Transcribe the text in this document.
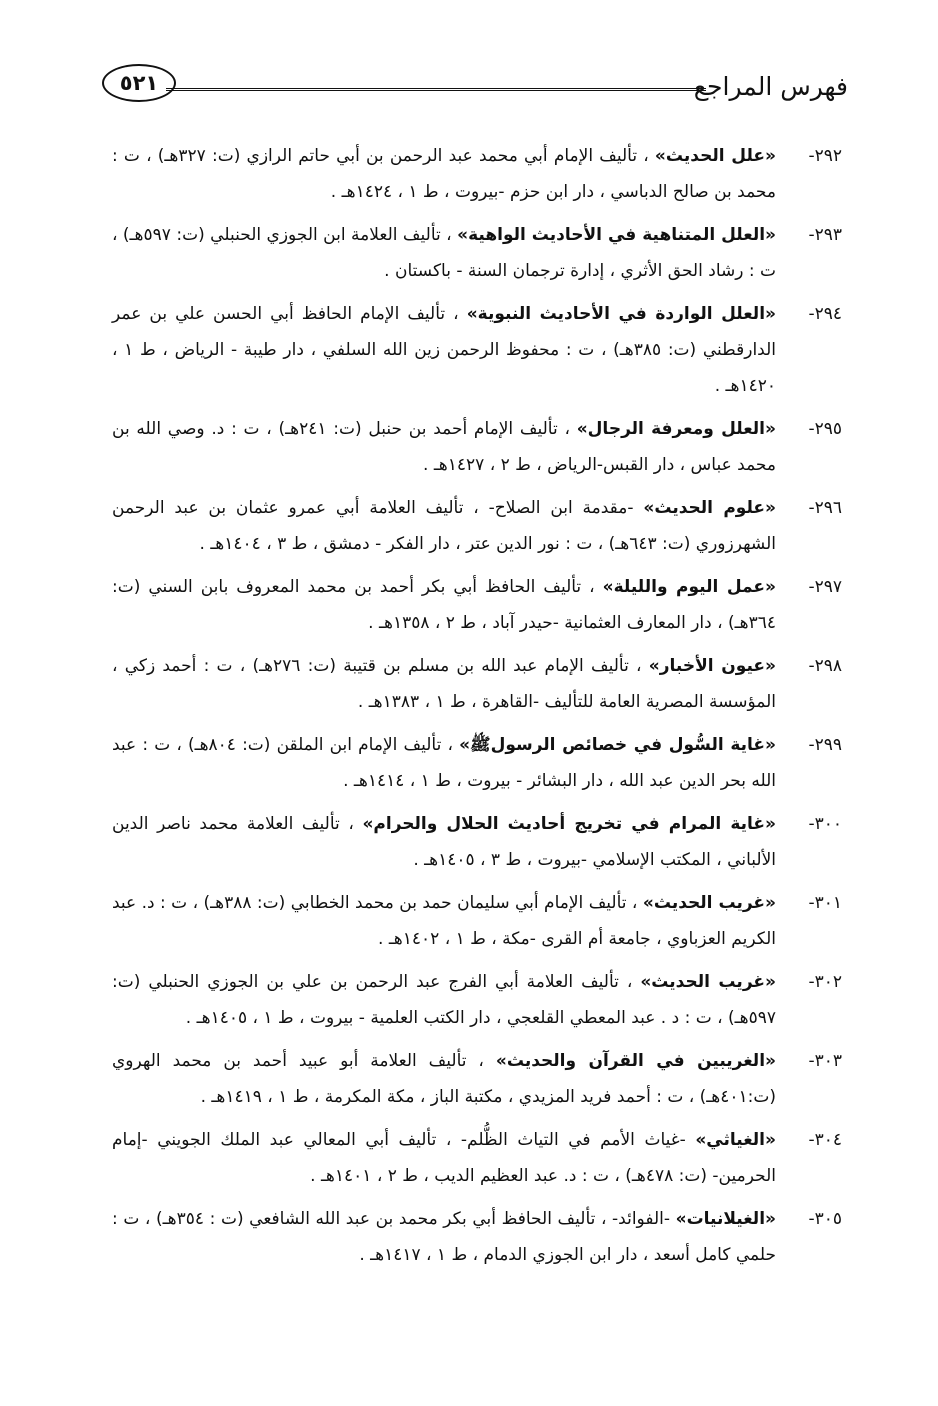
فهرس المراجع
٥٢١
٢٩٢-
«علل الحديث» ، تأليف الإمام أبي محمد عبد الرحمن بن أبي حاتم الرازي (ت: ٣٢٧هـ) ، ت : محمد بن صالح الدباسي ، دار ابن حزم -بيروت ، ط ١ ، ١٤٢٤هـ .
٢٩٣-
«العلل المتناهية في الأحاديث الواهية» ، تأليف العلامة ابن الجوزي الحنبلي (ت: ٥٩٧هـ) ، ت : رشاد الحق الأثري ، إدارة ترجمان السنة - باكستان .
٢٩٤-
«العلل الواردة في الأحاديث النبوية» ، تأليف الإمام الحافظ أبي الحسن علي بن عمر الدارقطني (ت: ٣٨٥هـ) ، ت : محفوظ الرحمن زين الله السلفي ، دار طيبة - الرياض ، ط ١ ، ١٤٢٠هـ .
٢٩٥-
«العلل ومعرفة الرجال» ، تأليف الإمام أحمد بن حنبل (ت: ٢٤١هـ) ، ت : د. وصي الله بن محمد عباس ، دار القبس-الرياض ، ط ٢ ، ١٤٢٧هـ .
٢٩٦-
«علوم الحديث» -مقدمة ابن الصلاح- ، تأليف العلامة أبي عمرو عثمان بن عبد الرحمن الشهرزوري (ت: ٦٤٣هـ) ، ت : نور الدين عتر ، دار الفكر - دمشق ، ط ٣ ، ١٤٠٤هـ .
٢٩٧-
«عمل اليوم والليلة» ، تأليف الحافظ أبي بكر أحمد بن محمد المعروف بابن السني (ت: ٣٦٤هـ) ، دار المعارف العثمانية -حيدر آباد ، ط ٢ ، ١٣٥٨هـ .
٢٩٨-
«عيون الأخبار» ، تأليف الإمام عبد الله بن مسلم بن قتيبة (ت: ٢٧٦هـ) ، ت : أحمد زكي ، المؤسسة المصرية العامة للتأليف -القاهرة ، ط ١ ، ١٣٨٣هـ .
٢٩٩-
«غاية السُّول في خصائص الرسولﷺ» ، تأليف الإمام ابن الملقن (ت: ٨٠٤هـ) ، ت : عبد الله بحر الدين عبد الله ، دار البشائر - بيروت ، ط ١ ، ١٤١٤هـ .
٣٠٠-
«غاية المرام في تخريج أحاديث الحلال والحرام» ، تأليف العلامة محمد ناصر الدين الألباني ، المكتب الإسلامي -بيروت ، ط ٣ ، ١٤٠٥هـ .
٣٠١-
«غريب الحديث» ، تأليف الإمام أبي سليمان حمد بن محمد الخطابي (ت: ٣٨٨هـ) ، ت : د. عبد الكريم العزباوي ، جامعة أم القرى -مكة ، ط ١ ، ١٤٠٢هـ .
٣٠٢-
«غريب الحديث» ، تأليف العلامة أبي الفرج عبد الرحمن بن علي بن الجوزي الحنبلي (ت: ٥٩٧هـ) ، ت : د . عبد المعطي القلعجي ، دار الكتب العلمية - بيروت ، ط ١ ، ١٤٠٥هـ .
٣٠٣-
«الغريبين في القرآن والحديث» ، تأليف العلامة أبو عبيد أحمد بن محمد الهروي (ت:٤٠١هـ) ، ت : أحمد فريد المزيدي ، مكتبة الباز ، مكة المكرمة ، ط ١ ، ١٤١٩هـ .
٣٠٤-
«الغياثي» -غياث الأمم في التياث الظُّلم- ، تأليف أبي المعالي عبد الملك الجويني -إمام الحرمين- (ت: ٤٧٨هـ) ، ت : د. عبد العظيم الديب ، ط ٢ ، ١٤٠١هـ .
٣٠٥-
«الغيلانيات» -الفوائد- ، تأليف الحافظ أبي بكر محمد بن عبد الله الشافعي (ت : ٣٥٤هـ) ، ت : حلمي كامل أسعد ، دار ابن الجوزي الدمام ، ط ١ ، ١٤١٧هـ .
